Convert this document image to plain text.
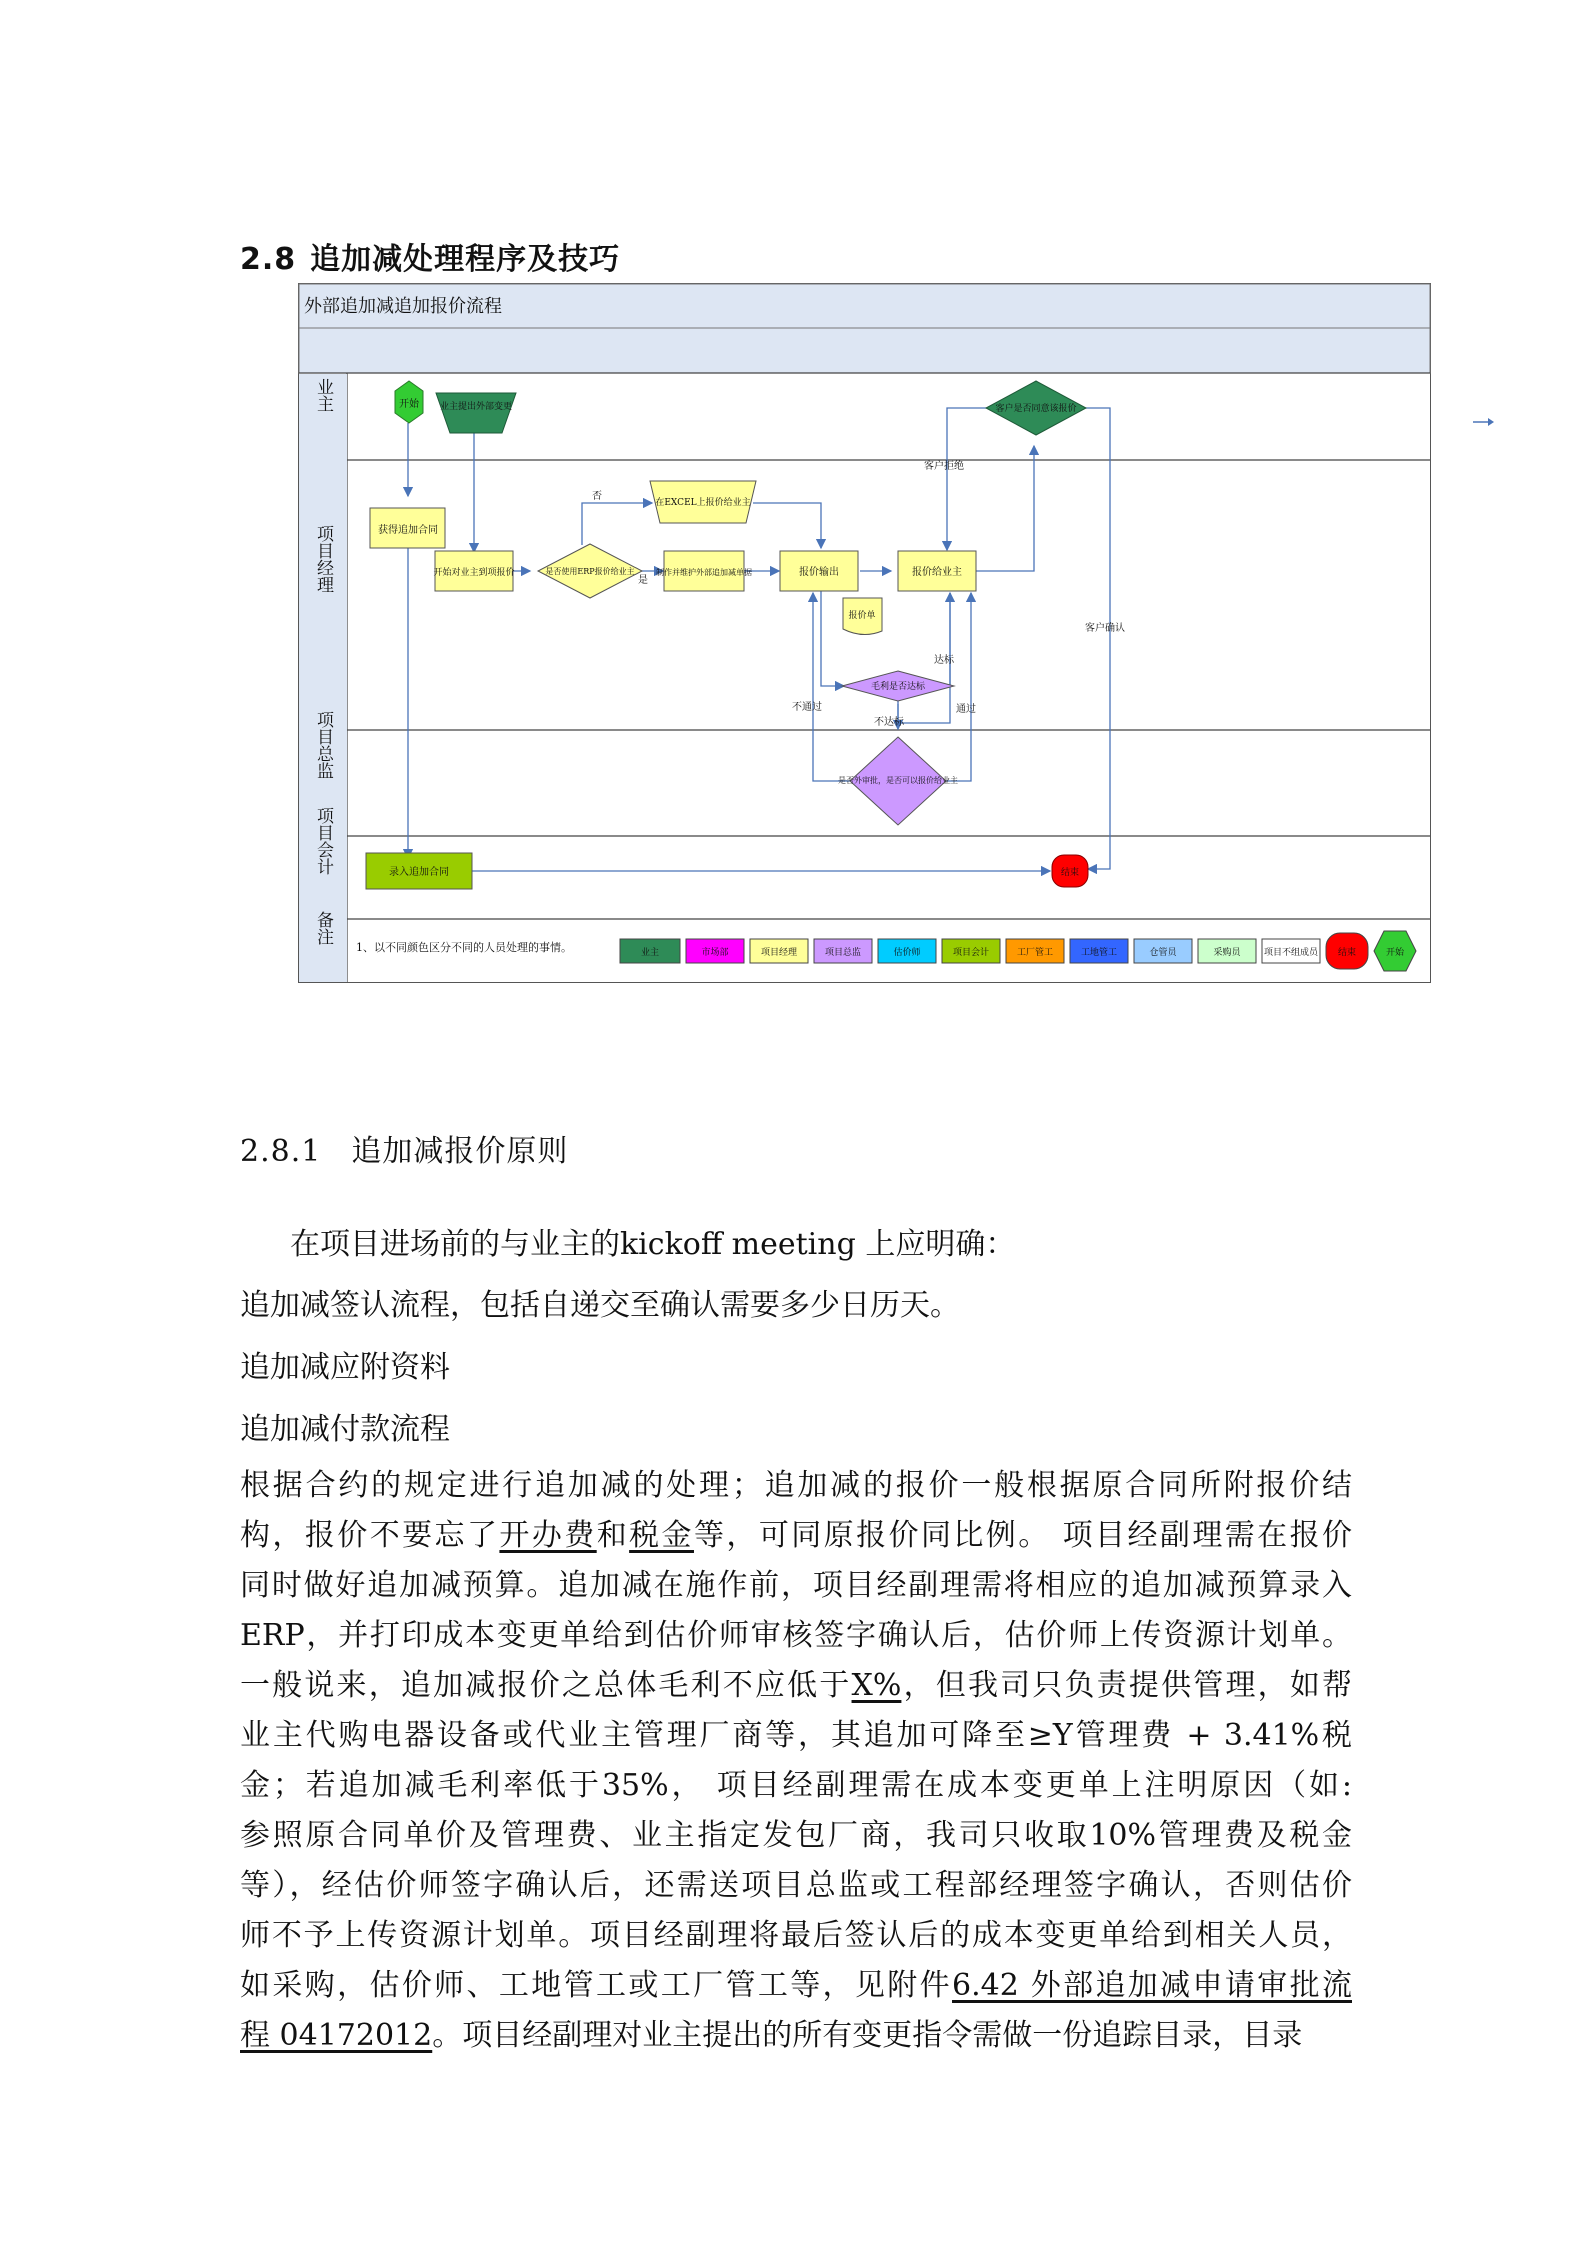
2.8 追加减处理程序及技巧
外部追加减追加报价流程
业主
项目经理
项目总监
项目会计
备注
开始 业主提出外部变更	客户是否同意该报价
获得追加合同
开始对业主到项报价	是否使用ERP报价给业主
在EXCEL上报价给业主
制作并维护外部追加减单据	报价输出
报价单
报价给业主
毛利是否达标
是否外审批，是否可以报价给业主
录入追加合同	结束
否
是
客户拒绝
客户确认
达标
不通过
不达标
通过
1、以不同颜色区分不同的人员处理的事情。	业主	市场部	项目经理	项目总监	估价师	项目会计	工厂管工	工地管工	仓管员	采购员	项目不组成员 结束	开始
2.8.1 追加减报价原则
在项目进场前的与业主的kickoff meeting 上应明确：
追加减签认流程，包括自递交至确认需要多少日历天。
追加减应附资料
追加减付款流程
根据合约的规定进行追加减的处理；追加减的报价一般根据原合同所附报价结
构，报价不要忘了开办费和税金等，可同原报价同比例。 项目经副理需在报价
同时做好追加减预算。追加减在施作前，项目经副理需将相应的追加减预算录入
ERP，并打印成本变更单给到估价师审核签字确认后，估价师上传资源计划单。
一般说来，追加减报价之总体毛利不应低于X%，但我司只负责提供管理，如帮
业主代购电器设备或代业主管理厂商等，其追加可降至≥Y管理费 + 3.41%税
金；若追加减毛利率低于35%， 项目经副理需在成本变更单上注明原因（如:
参照原合同单价及管理费、业主指定发包厂商，我司只收取10%管理费及税金
等），经估价师签字确认后，还需送项目总监或工程部经理签字确认，否则估价
师不予上传资源计划单。项目经副理将最后签认后的成本变更单给到相关人员，
如采购，估价师、工地管工或工厂管工等，见附件6.42 外部追加减申请审批流
程 04172012。项目经副理对业主提出的所有变更指令需做一份追踪目录，目录
